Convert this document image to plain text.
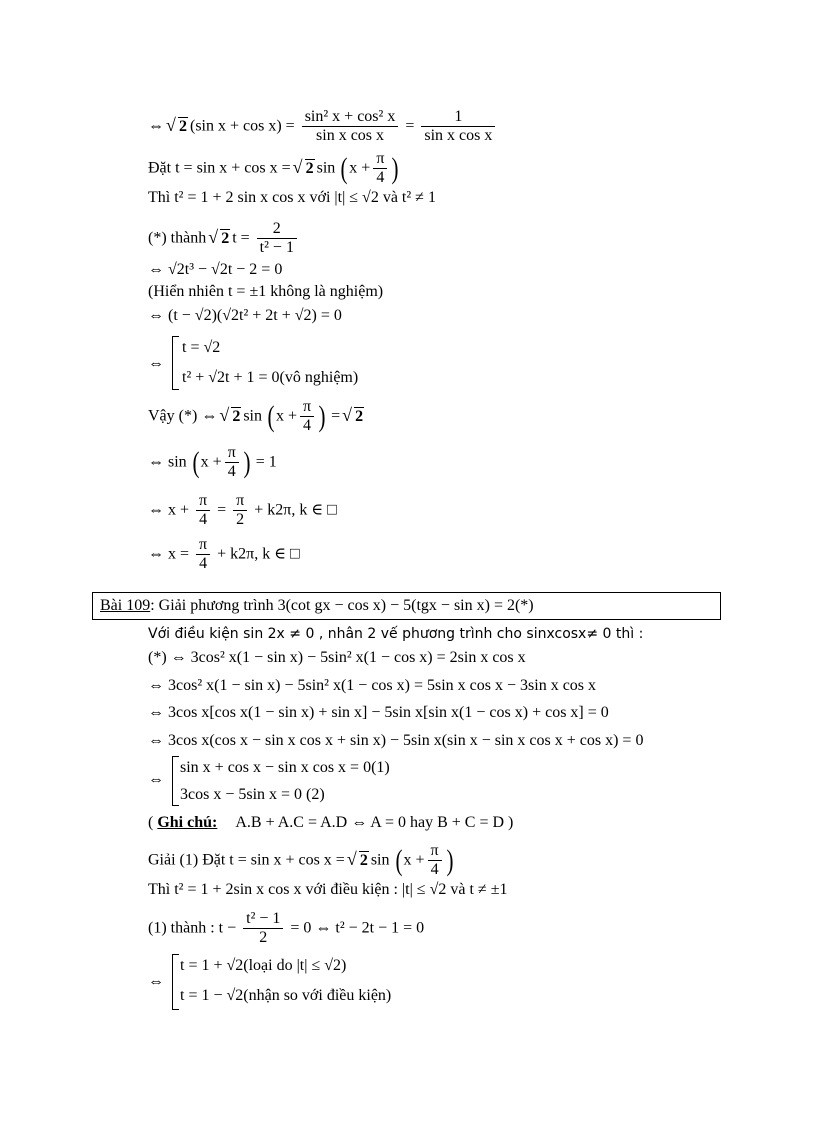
⇔ √ 2 (sin $x + \cos x) = \frac{\text{sin² x + cos² x}}{\text{sin x cos x}} = \frac{1}{\text{sin x cos x}}$
Đặt t = sin x + cos x = √ 2 $\sin (x + \frac{\pi}{4}$ )
Thì t² = 1 + 2 sin x cos x với |t| ≤ √2 và t² ≠ 1
(*) thành √ 2 $t = \frac{2}{\text{t² − 1}}$
⇔ √2t³ − √2t − 2 = 0
(Hiển nhiên t = ±1 không là nghiệm)
⇔ (t − √2)(√2t² + 2t + √2) = 0
⇔
t = √2
t² + √2t + 1 = 0(vô nghiệm)
Vậy (*) ⇔ √ 2 $\sin (x + \frac{\pi}{4}$ ) = √ 2
⇔ $\sin (x + \frac{\pi}{4}$ ) = 1
⇔ $x + \frac{\pi}{4} = \frac{\pi}{2} + k2\pi$, k ∈ □
⇔ $x = \frac{\pi}{4} + k2\pi$, k ∈ □
Bài 109: Giải phương trình 3(cot gx − cos x) − 5(tgx − sin x) = 2(*)
Với điều kiện sin 2x ≠ 0 , nhân 2 vế phương trình cho sinxcosx≠ 0 thì :
(*) ⇔ 3cos² x(1 − sin x) − 5sin² x(1 − cos x) = 2sin x cos x
⇔ 3cos² x(1 − sin x) − 5sin² x(1 − cos x) = 5sin x cos x − 3sin x cos x
⇔ 3cos x[cos x(1 − sin x) + sin x] − 5sin x[sin x(1 − cos x) + cos x] = 0
⇔ 3cos x(cos x − sin x cos x + sin x) − 5sin x(sin x − sin x cos x + cos x) = 0
⇔
sin x + cos x − sin x cos x = 0(1)
3cos x − 5sin x = 0 (2)
( Ghi chú: A.B + A.C = A.D ⇔ A = 0 hay B + C = D )
Giải (1) Đặt t = sin x + cos x = √ 2 $\sin (x + \frac{\pi}{4}$ )
Thì t² = 1 + 2sin x cos x với điều kiện : |t| ≤ √2 và t ≠ ±1
(1) thành : $t - \frac{\text{t² − 1}}{2} = 0$ ⇔ t² − 2t − 1 = 0
⇔
t = 1 + √2(loại do |t| ≤ √2)
t = 1 − √2(nhận so với điều kiện)
